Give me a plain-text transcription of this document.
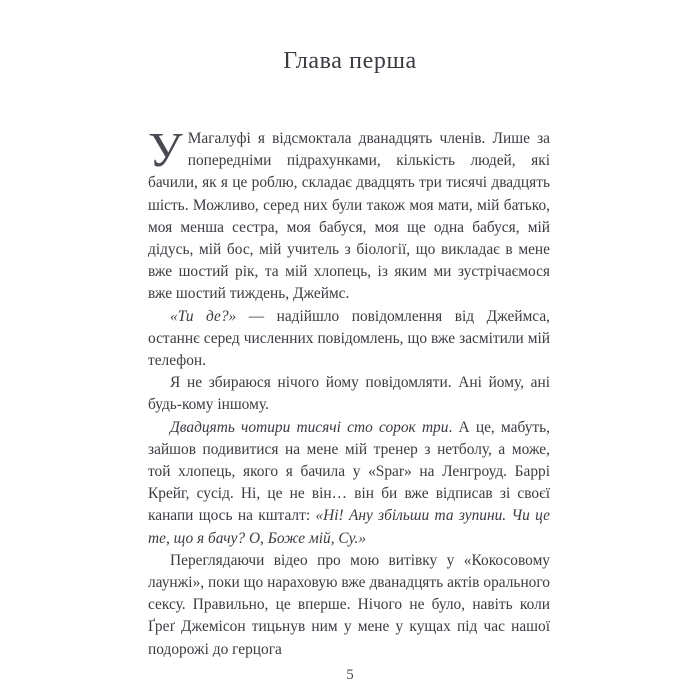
Глава перша

УМагалуфі я відсмоктала дванадцять членів. Лише за попередніми підрахунками, кількість людей, які бачили, як я це роблю, складає двадцять три тисячі двадцять шість. Можливо, серед них були також моя мати, мій батько, моя менша сестра, моя бабуся, моя ще одна бабуся, мій дідусь, мій бос, мій учитель з біології, що викладає в мене вже шостий рік, та мій хлопець, із яким ми зустрічаємося вже шостий тиждень, Джеймс.

«Ти де?» — надійшло повідомлення від Джеймса, останнє серед численних повідомлень, що вже засмітили мій телефон.

Я не збираюся нічого йому повідомляти. Ані йому, ані будь-кому іншому.

Двадцять чотири тисячі сто сорок три. А це, мабуть, зайшов подивитися на мене мій тренер з нетболу, а може, той хлопець, якого я бачила у «Spar» на Ленгроуд. Баррі Крейг, сусід. Ні, це не він… він би вже відписав зі своєї канапи щось на кшталт: «Ні! Ану збільши та зупини. Чи це те, що я бачу? О, Боже мій, Су.»

Переглядаючи відео про мою витівку у «Кокосовому лаунжі», поки що нараховую вже дванадцять актів орального сексу. Правильно, це вперше. Нічого не було, навіть коли Ґреґ Джемісон тицьнув ним у мене у кущах під час нашої подорожі до герцога

5
